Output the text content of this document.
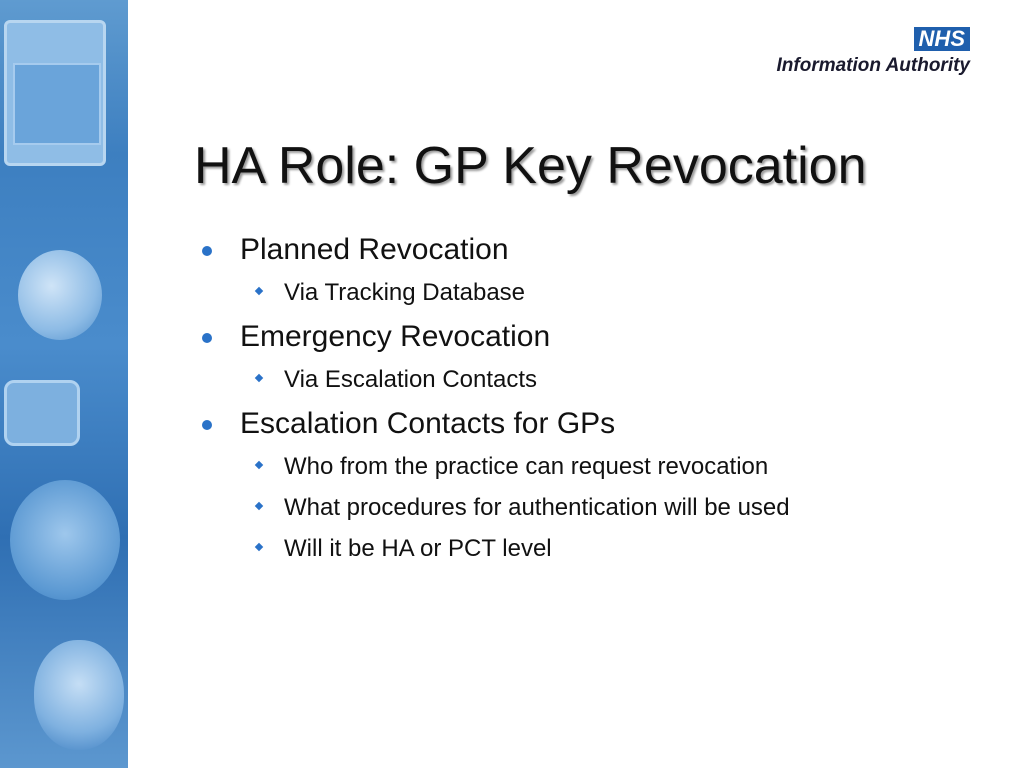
NHS
Information Authority
HA Role: GP Key Revocation
Planned Revocation
Via Tracking Database
Emergency Revocation
Via Escalation Contacts
Escalation Contacts for GPs
Who from the practice can request revocation
What procedures for authentication will be used
Will it be HA or PCT level
